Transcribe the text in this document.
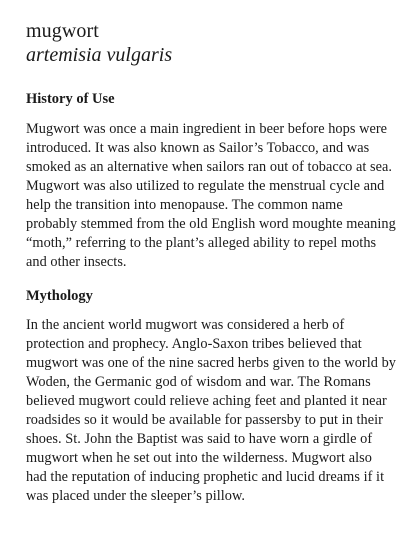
mugwort
artemisia vulgaris
History of Use

Mugwort was once a main ingredient in beer before hops were introduced. It was also known as Sailor’s Tobacco, and was smoked as an alternative when sailors ran out of tobacco at sea. Mugwort was also utilized to regulate the menstrual cycle and help the transition into menopause. The common name probably stemmed from the old English word moughte meaning “moth,” referring to the plant’s alleged ability to repel moths and other insects.

Mythology

In the ancient world mugwort was considered a herb of protection and prophecy. Anglo-Saxon tribes believed that mugwort was one of the nine sacred herbs given to the world by Woden, the Germanic god of wisdom and war. The Romans believed mugwort could relieve aching feet and planted it near roadsides so it would be available for passersby to put in their shoes. St. John the Baptist was said to have worn a girdle of mugwort when he set out into the wilderness. Mugwort also had the reputation of inducing prophetic and lucid dreams if it was placed under the sleeper’s pillow.
